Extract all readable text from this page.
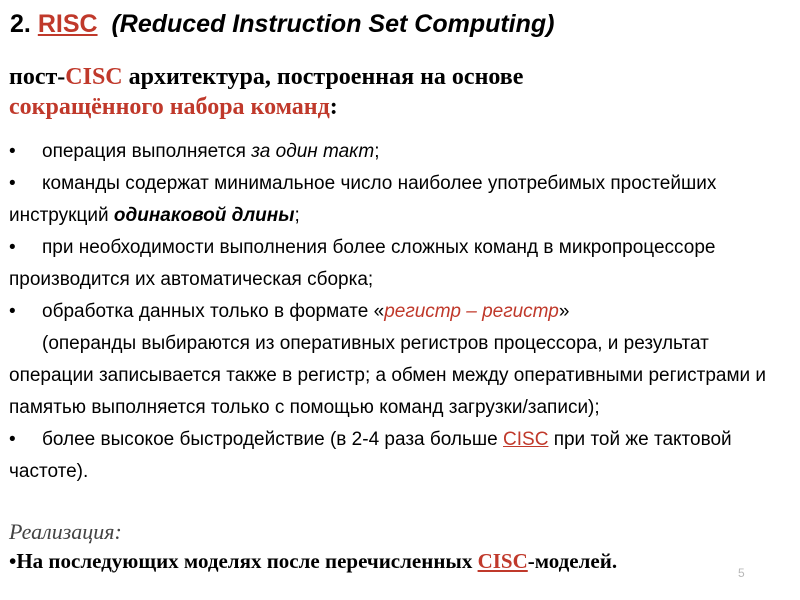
2. RISC (Reduced Instruction Set Computing)
пост-CISC архитектура, построенная на основе
сокращённого набора команд:

• операция выполняется за один такт;

• команды содержат минимальное число наиболее употребимых простейших инструкций одинаковой длины;

• при необходимости выполнения более сложных команд в микропроцессоре производится их автоматическая сборка;

• обработка данных только в формате «регистр – регистр»

(операнды выбираются из оперативных регистров процессора, и результат операции записывается также в регистр; а обмен между оперативными регистрами и памятью выполняется только с помощью команд загрузки/записи);

• более высокое быстродействие (в 2-4 раза больше CISC при той же тактовой частоте).

Реализация:
•На последующих моделях после перечисленных CISC-моделей.	5
